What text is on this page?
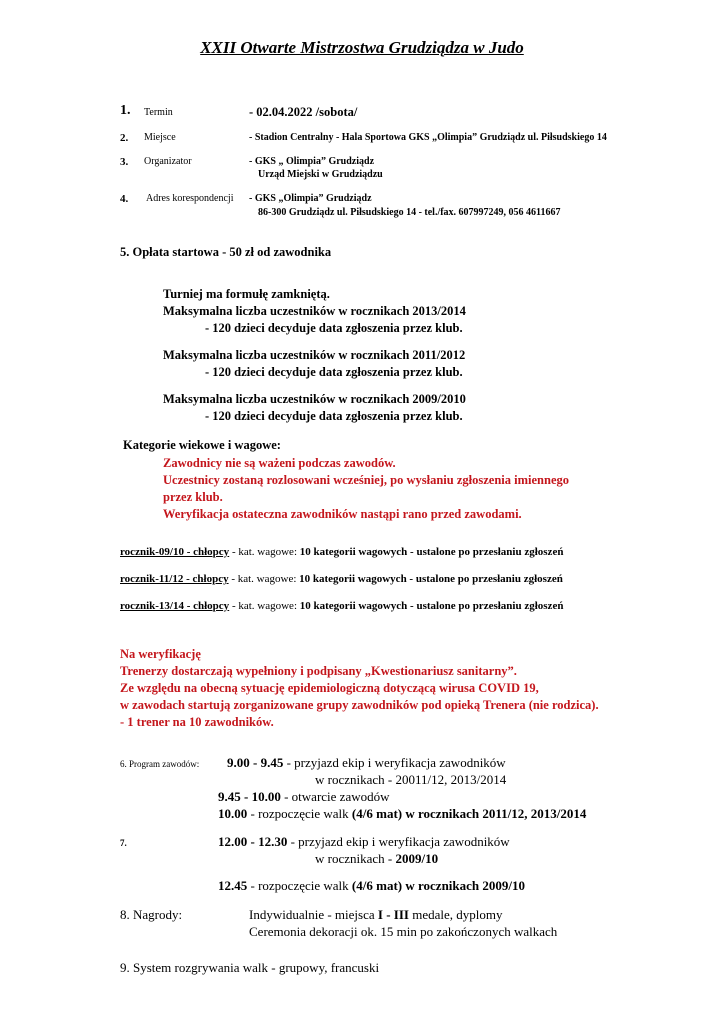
XXII Otwarte Mistrzostwa Grudziądza w Judo
1. Termin	- 02.04.2022 /sobota/
2. Miejsce	- Stadion Centralny - Hala Sportowa GKS „Olimpia” Grudziądz ul. Piłsudskiego 14
3. Organizator	- GKS „ Olimpia” Grudziądz
Urząd Miejski w Grudziądzu
4. Adres korespondencji - GKS „Olimpia” Grudziądz
86-300 Grudziądz ul. Piłsudskiego 14 - tel./fax. 607997249, 056 4611667
5. Opłata startowa - 50 zł od zawodnika
Turniej ma formułę zamkniętą.
Maksymalna liczba uczestników w rocznikach 2013/2014
- 120 dzieci decyduje data zgłoszenia przez klub.
Maksymalna liczba uczestników w rocznikach 2011/2012
- 120 dzieci decyduje data zgłoszenia przez klub.
Maksymalna liczba uczestników w rocznikach 2009/2010
- 120 dzieci decyduje data zgłoszenia przez klub.
Kategorie wiekowe i wagowe:
Zawodnicy nie są ważeni podczas zawodów.
Uczestnicy zostaną rozlosowani wcześniej, po wysłaniu zgłoszenia imiennego
przez klub.
Weryfikacja ostateczna zawodników nastąpi rano przed zawodami.
rocznik-09/10 - chłopcy - kat. wagowe: 10 kategorii wagowych - ustalone po przesłaniu zgłoszeń
rocznik-11/12 - chłopcy - kat. wagowe: 10 kategorii wagowych - ustalone po przesłaniu zgłoszeń
rocznik-13/14 - chłopcy - kat. wagowe: 10 kategorii wagowych - ustalone po przesłaniu zgłoszeń
Na weryfikację
Trenerzy dostarczają wypełniony i podpisany „Kwestionariusz sanitarny”.
Ze względu na obecną sytuację epidemiologiczną dotyczącą wirusa COVID 19,
w zawodach startują zorganizowane grupy zawodników pod opieką Trenera (nie rodzica).
- 1 trener na 10 zawodników.
6. Program zawodów: 9.00 - 9.45 - przyjazd ekip i weryfikacja zawodników
w rocznikach - 20011/12, 2013/2014
9.45 - 10.00 - otwarcie zawodów
10.00 - rozpoczęcie walk (4/6 mat) w rocznikach 2011/12, 2013/2014
7.	12.00 - 12.30 - przyjazd ekip i weryfikacja zawodników
w rocznikach - 2009/10
12.45 - rozpoczęcie walk (4/6 mat) w rocznikach 2009/10
8. Nagrody:	Indywidualnie - miejsca I - III medale, dyplomy
Ceremonia dekoracji ok. 15 min po zakończonych walkach
9. System rozgrywania walk - grupowy, francuski
